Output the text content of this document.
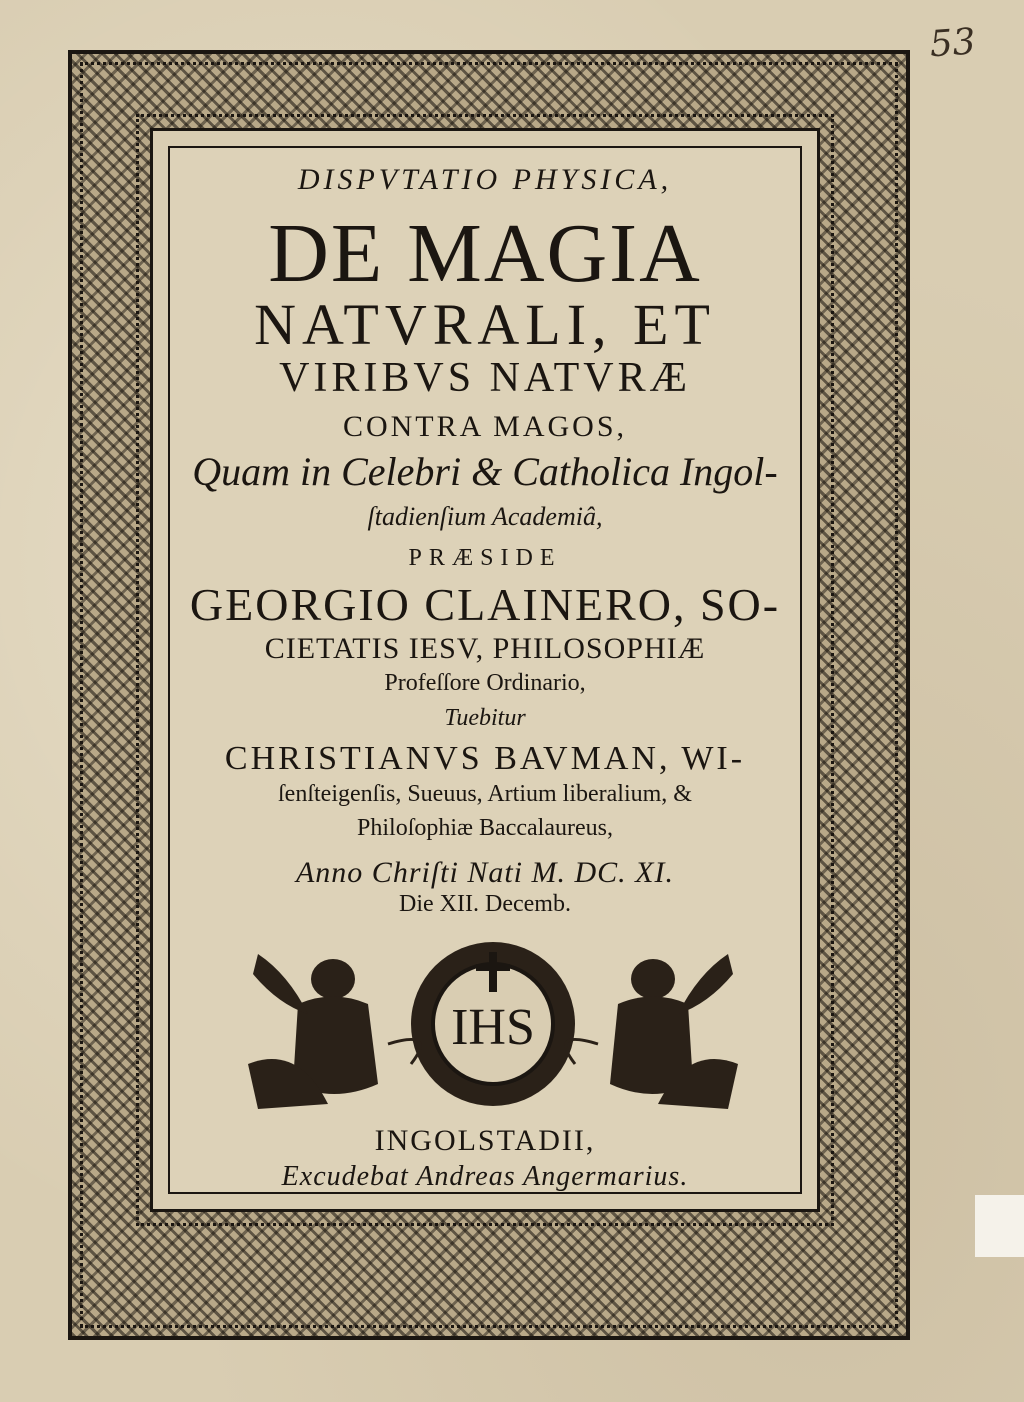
53
DISPVTATIO PHYSICA,
DE MAGIA
NATVRALI, ET
VIRIBVS NATVRÆ
CONTRA MAGOS,
Quam in Celebri & Catholica Ingol-
ſtadienſium Academiâ,
PRÆSIDE
GEORGIO CLAINERO, SO-
CIETATIS IESV, PHILOSOPHIÆ
Profeſſore Ordinario,
Tuebitur
CHRISTIANVS BAVMAN, WI-
ſenſteigenſis, Sueuus, Artium liberalium, &
Philoſophiæ Baccalaureus,
Anno Chriſti Nati M. DC. XI.
Die XII. Decemb.
IHS
INGOLSTADII,
Excudebat Andreas Angermarius.
